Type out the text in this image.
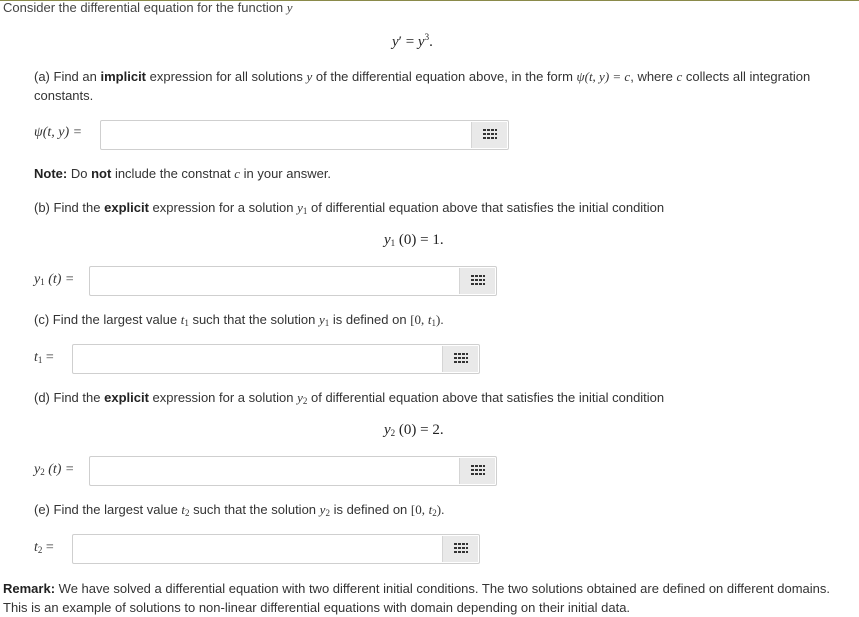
Consider the differential equation for the function y
$y' = y^3$.
(a) Find an implicit expression for all solutions y of the differential equation above, in the form ψ(t, y) = c, where c collects all integration constants.
ψ(t, y) =
Note: Do not include the constnat c in your answer.
(b) Find the explicit expression for a solution $y_1$ of differential equation above that satisfies the initial condition
$y_1$ (0) = 1.
$y_1$ (t) =
(c) Find the largest value $t_1$ such that the solution $y_1$ is defined on [0, $t_1$).
$t_1$ =
(d) Find the explicit expression for a solution $y_2$ of differential equation above that satisfies the initial condition
$y_2$ (0) = 2.
$y_2$ (t) =
(e) Find the largest value $t_2$ such that the solution $y_2$ is defined on [0, $t_2$).
$t_2$ =
Remark: We have solved a differential equation with two different initial conditions. The two solutions obtained are defined on different domains. This is an example of solutions to non-linear differential equations with domain depending on their initial data.
